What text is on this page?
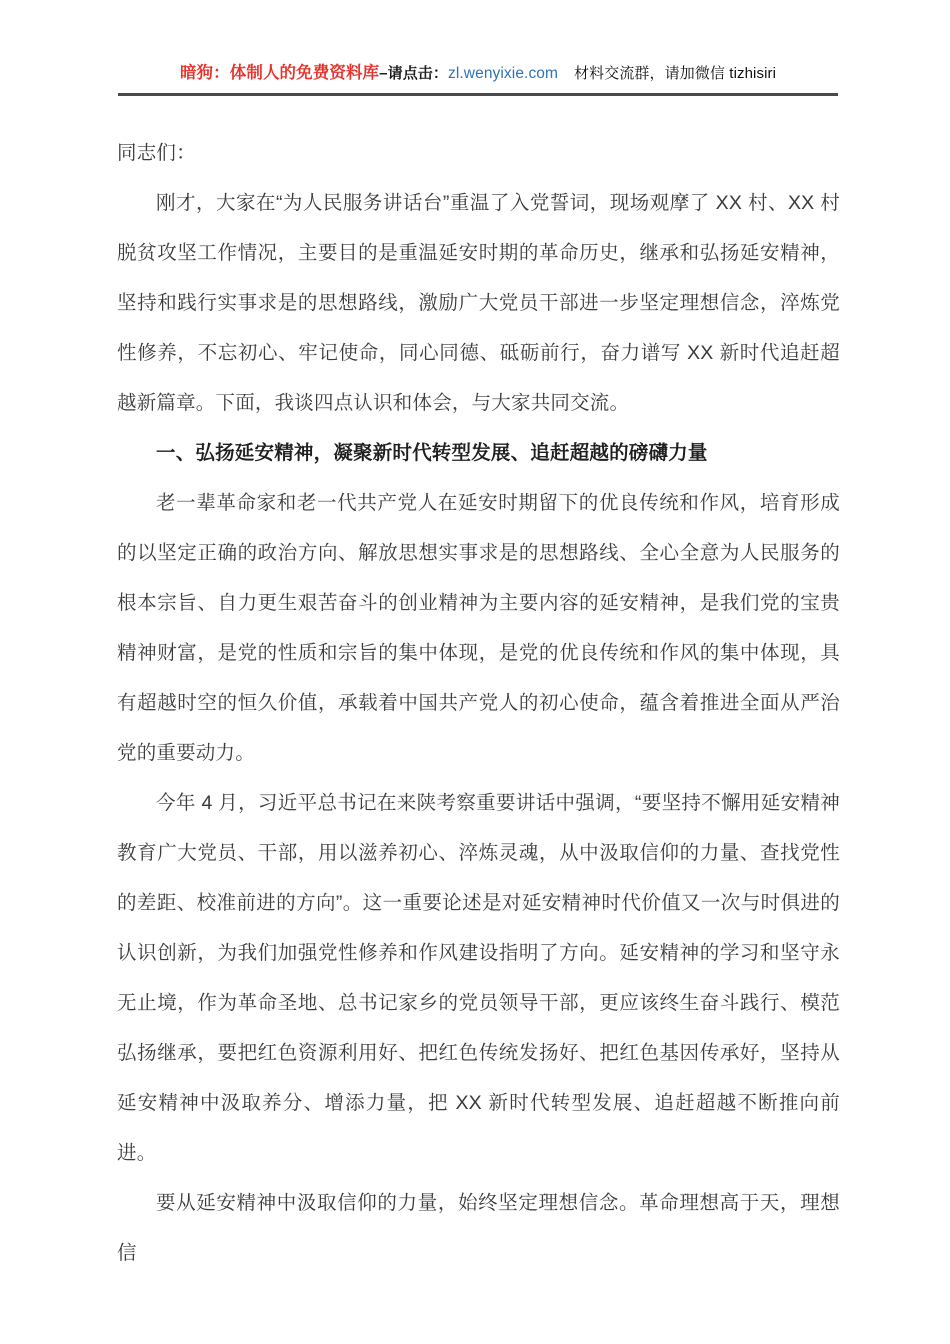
暗狗：体制人的免费资料库–请点击：zl.wenyixie.com 材料交流群，请加微信 tizhisiri

同志们：

刚才，大家在“为人民服务讲话台”重温了入党誓词，现场观摩了 XX 村、XX 村脱贫攻坚工作情况，主要目的是重温延安时期的革命历史，继承和弘扬延安精神，坚持和践行实事求是的思想路线，激励广大党员干部进一步坚定理想信念，淬炼党性修养，不忘初心、牢记使命，同心同德、砥砺前行，奋力谱写 XX 新时代追赶超越新篇章。下面，我谈四点认识和体会，与大家共同交流。

一、弘扬延安精神，凝聚新时代转型发展、追赶超越的磅礴力量

老一辈革命家和老一代共产党人在延安时期留下的优良传统和作风，培育形成的以坚定正确的政治方向、解放思想实事求是的思想路线、全心全意为人民服务的根本宗旨、自力更生艰苦奋斗的创业精神为主要内容的延安精神，是我们党的宝贵精神财富，是党的性质和宗旨的集中体现，是党的优良传统和作风的集中体现，具有超越时空的恒久价值，承载着中国共产党人的初心使命，蕴含着推进全面从严治党的重要动力。

今年 4 月，习近平总书记在来陕考察重要讲话中强调，“要坚持不懈用延安精神教育广大党员、干部，用以滋养初心、淬炼灵魂，从中汲取信仰的力量、查找党性的差距、校准前进的方向”。这一重要论述是对延安精神时代价值又一次与时俱进的认识创新，为我们加强党性修养和作风建设指明了方向。延安精神的学习和坚守永无止境，作为革命圣地、总书记家乡的党员领导干部，更应该终生奋斗践行、模范弘扬继承，要把红色资源利用好、把红色传统发扬好、把红色基因传承好，坚持从延安精神中汲取养分、增添力量，把 XX 新时代转型发展、追赶超越不断推向前进。

要从延安精神中汲取信仰的力量，始终坚定理想信念。革命理想高于天，理想信
